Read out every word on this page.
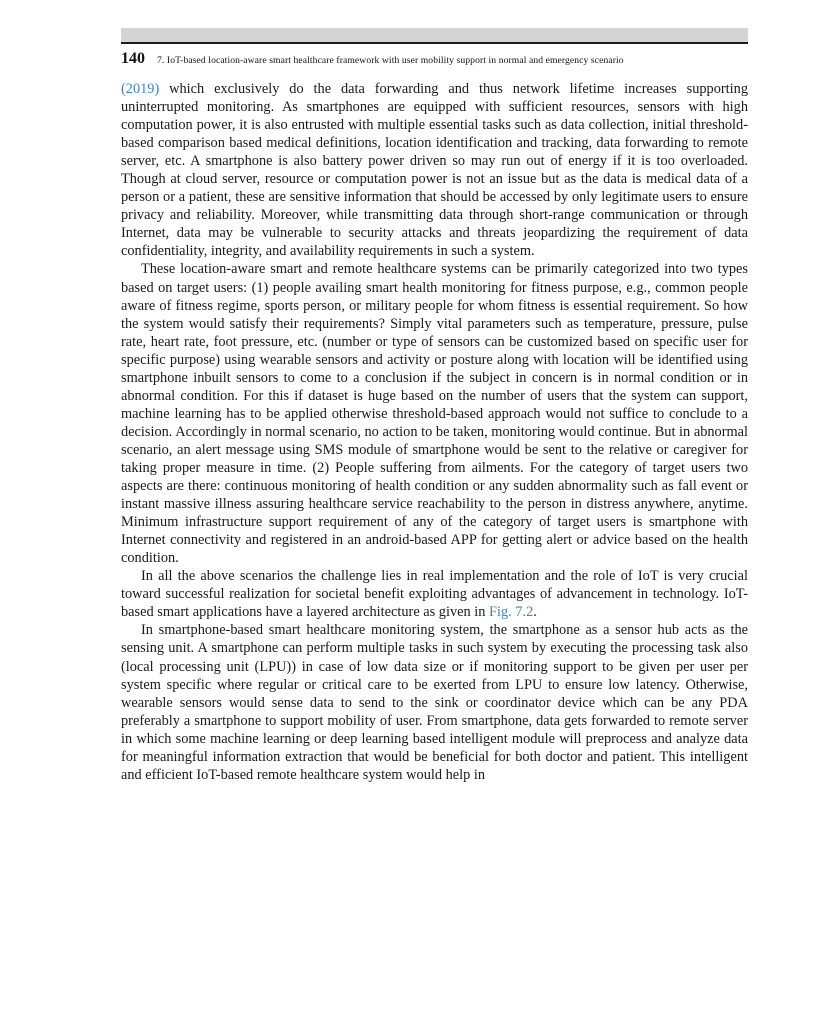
140 7. IoT-based location-aware smart healthcare framework with user mobility support in normal and emergency scenario

(2019) which exclusively do the data forwarding and thus network lifetime increases supporting uninterrupted monitoring. As smartphones are equipped with sufficient resources, sensors with high computation power, it is also entrusted with multiple essential tasks such as data collection, initial threshold-based comparison based medical definitions, location identification and tracking, data forwarding to remote server, etc. A smartphone is also battery power driven so may run out of energy if it is too overloaded. Though at cloud server, resource or computation power is not an issue but as the data is medical data of a person or a patient, these are sensitive information that should be accessed by only legitimate users to ensure privacy and reliability. Moreover, while transmitting data through short-range communication or through Internet, data may be vulnerable to security attacks and threats jeopardizing the requirement of data confidentiality, integrity, and availability requirements in such a system.

These location-aware smart and remote healthcare systems can be primarily categorized into two types based on target users: (1) people availing smart health monitoring for fitness purpose, e.g., common people aware of fitness regime, sports person, or military people for whom fitness is essential requirement. So how the system would satisfy their requirements? Simply vital parameters such as temperature, pressure, pulse rate, heart rate, foot pressure, etc. (number or type of sensors can be customized based on specific user for specific purpose) using wearable sensors and activity or posture along with location will be identified using smartphone inbuilt sensors to come to a conclusion if the subject in concern is in normal condition or in abnormal condition. For this if dataset is huge based on the number of users that the system can support, machine learning has to be applied otherwise threshold-based approach would not suffice to conclude to a decision. Accordingly in normal scenario, no action to be taken, monitoring would continue. But in abnormal scenario, an alert message using SMS module of smartphone would be sent to the relative or caregiver for taking proper measure in time. (2) People suffering from ailments. For the category of target users two aspects are there: continuous monitoring of health condition or any sudden abnormality such as fall event or instant massive illness assuring healthcare service reachability to the person in distress anywhere, anytime. Minimum infrastructure support requirement of any of the category of target users is smartphone with Internet connectivity and registered in an android-based APP for getting alert or advice based on the health condition.

In all the above scenarios the challenge lies in real implementation and the role of IoT is very crucial toward successful realization for societal benefit exploiting advantages of advancement in technology. IoT-based smart applications have a layered architecture as given in Fig. 7.2.

In smartphone-based smart healthcare monitoring system, the smartphone as a sensor hub acts as the sensing unit. A smartphone can perform multiple tasks in such system by executing the processing task also (local processing unit (LPU)) in case of low data size or if monitoring support to be given per user per system specific where regular or critical care to be exerted from LPU to ensure low latency. Otherwise, wearable sensors would sense data to send to the sink or coordinator device which can be any PDA preferably a smartphone to support mobility of user. From smartphone, data gets forwarded to remote server in which some machine learning or deep learning based intelligent module will preprocess and analyze data for meaningful information extraction that would be beneficial for both doctor and patient. This intelligent and efficient IoT-based remote healthcare system would help in
